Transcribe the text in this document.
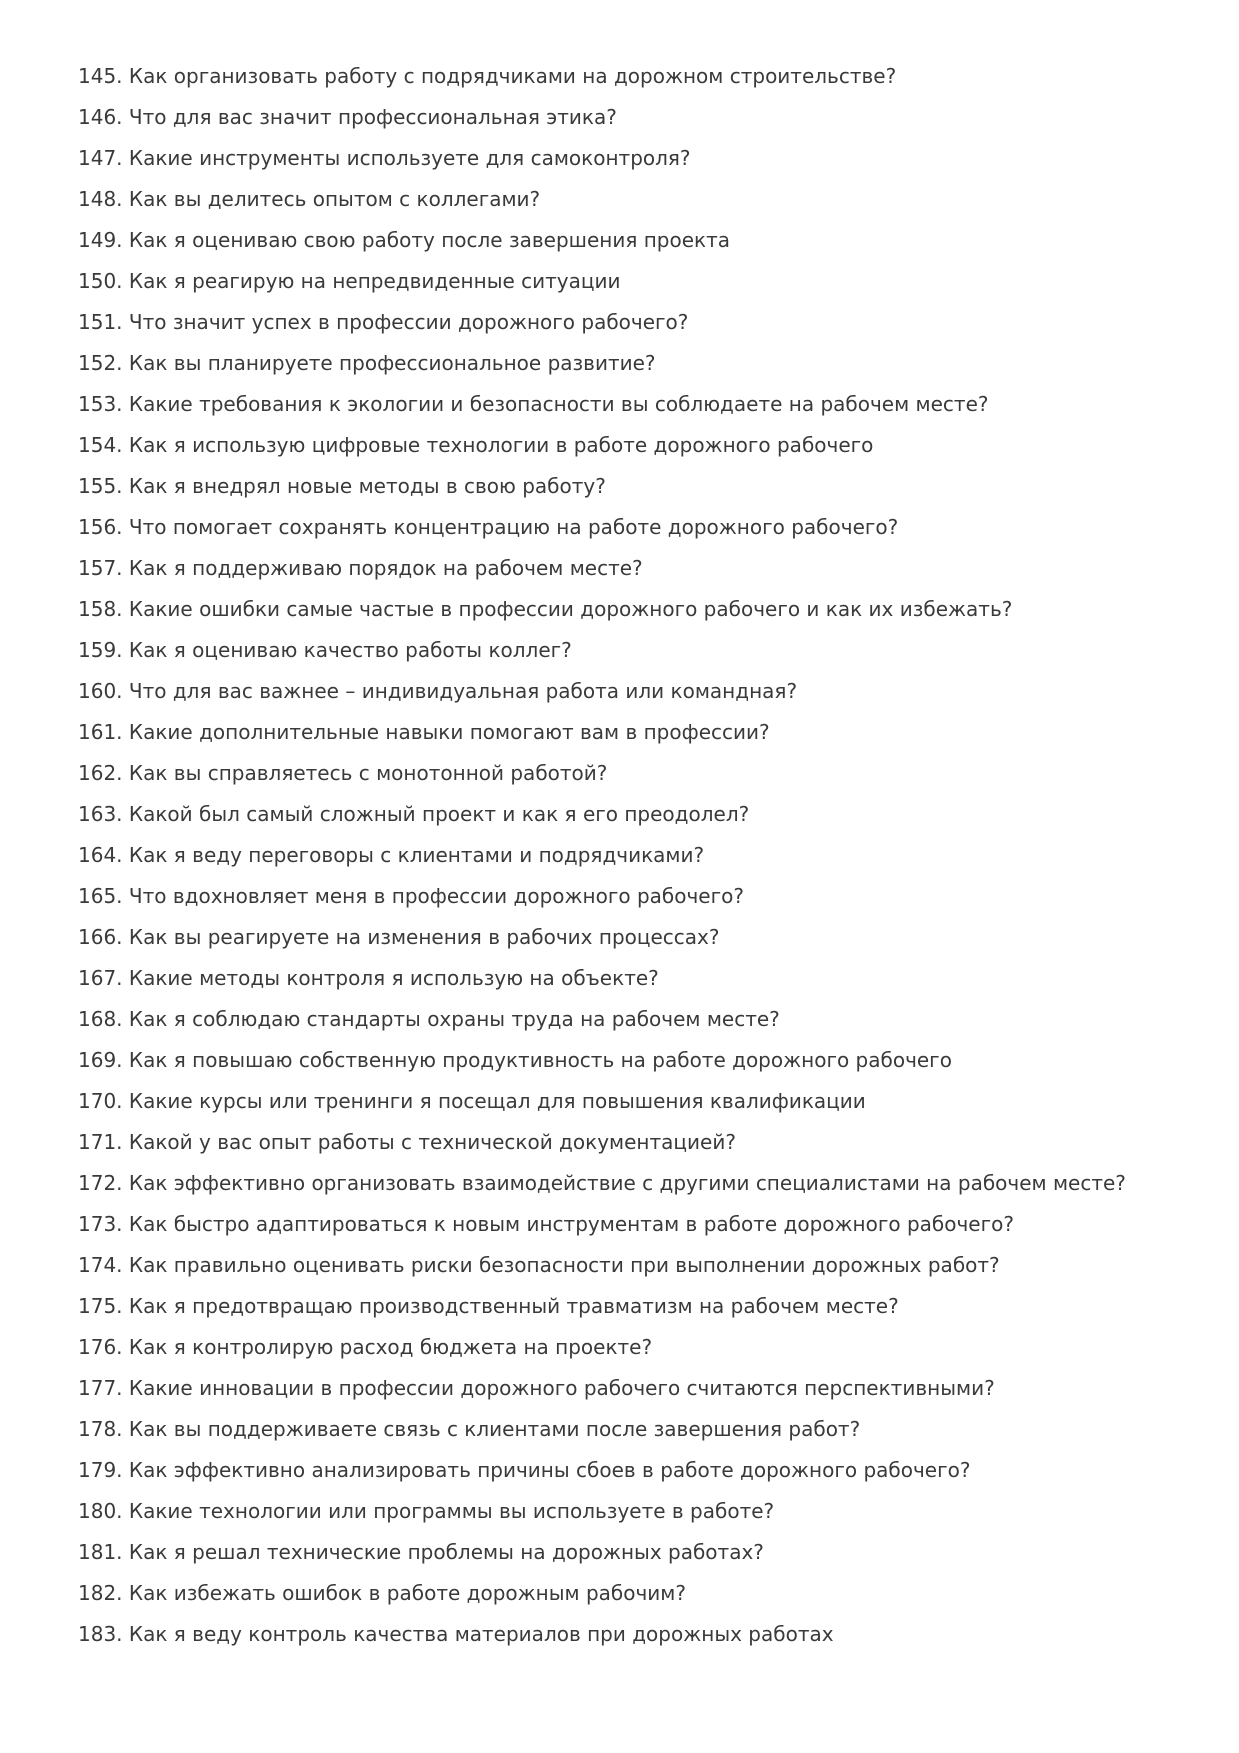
145. Как организовать работу с подрядчиками на дорожном строительстве?

146. Что для вас значит профессиональная этика?

147. Какие инструменты используете для самоконтроля?

148. Как вы делитесь опытом с коллегами?

149. Как я оцениваю свою работу после завершения проекта

150. Как я реагирую на непредвиденные ситуации

151. Что значит успех в профессии дорожного рабочего?

152. Как вы планируете профессиональное развитие?

153. Какие требования к экологии и безопасности вы соблюдаете на рабочем месте?

154. Как я использую цифровые технологии в работе дорожного рабочего

155. Как я внедрял новые методы в свою работу?

156. Что помогает сохранять концентрацию на работе дорожного рабочего?

157. Как я поддерживаю порядок на рабочем месте?

158. Какие ошибки самые частые в профессии дорожного рабочего и как их избежать?

159. Как я оцениваю качество работы коллег?

160. Что для вас важнее – индивидуальная работа или командная?

161. Какие дополнительные навыки помогают вам в профессии?

162. Как вы справляетесь с монотонной работой?

163. Какой был самый сложный проект и как я его преодолел?

164. Как я веду переговоры с клиентами и подрядчиками?

165. Что вдохновляет меня в профессии дорожного рабочего?

166. Как вы реагируете на изменения в рабочих процессах?

167. Какие методы контроля я использую на объекте?

168. Как я соблюдаю стандарты охраны труда на рабочем месте?

169. Как я повышаю собственную продуктивность на работе дорожного рабочего

170. Какие курсы или тренинги я посещал для повышения квалификации

171. Какой у вас опыт работы с технической документацией?

172. Как эффективно организовать взаимодействие с другими специалистами на рабочем месте?

173. Как быстро адаптироваться к новым инструментам в работе дорожного рабочего?

174. Как правильно оценивать риски безопасности при выполнении дорожных работ?

175. Как я предотвращаю производственный травматизм на рабочем месте?

176. Как я контролирую расход бюджета на проекте?

177. Какие инновации в профессии дорожного рабочего считаются перспективными?

178. Как вы поддерживаете связь с клиентами после завершения работ?

179. Как эффективно анализировать причины сбоев в работе дорожного рабочего?

180. Какие технологии или программы вы используете в работе?

181. Как я решал технические проблемы на дорожных работах?

182. Как избежать ошибок в работе дорожным рабочим?

183. Как я веду контроль качества материалов при дорожных работах
